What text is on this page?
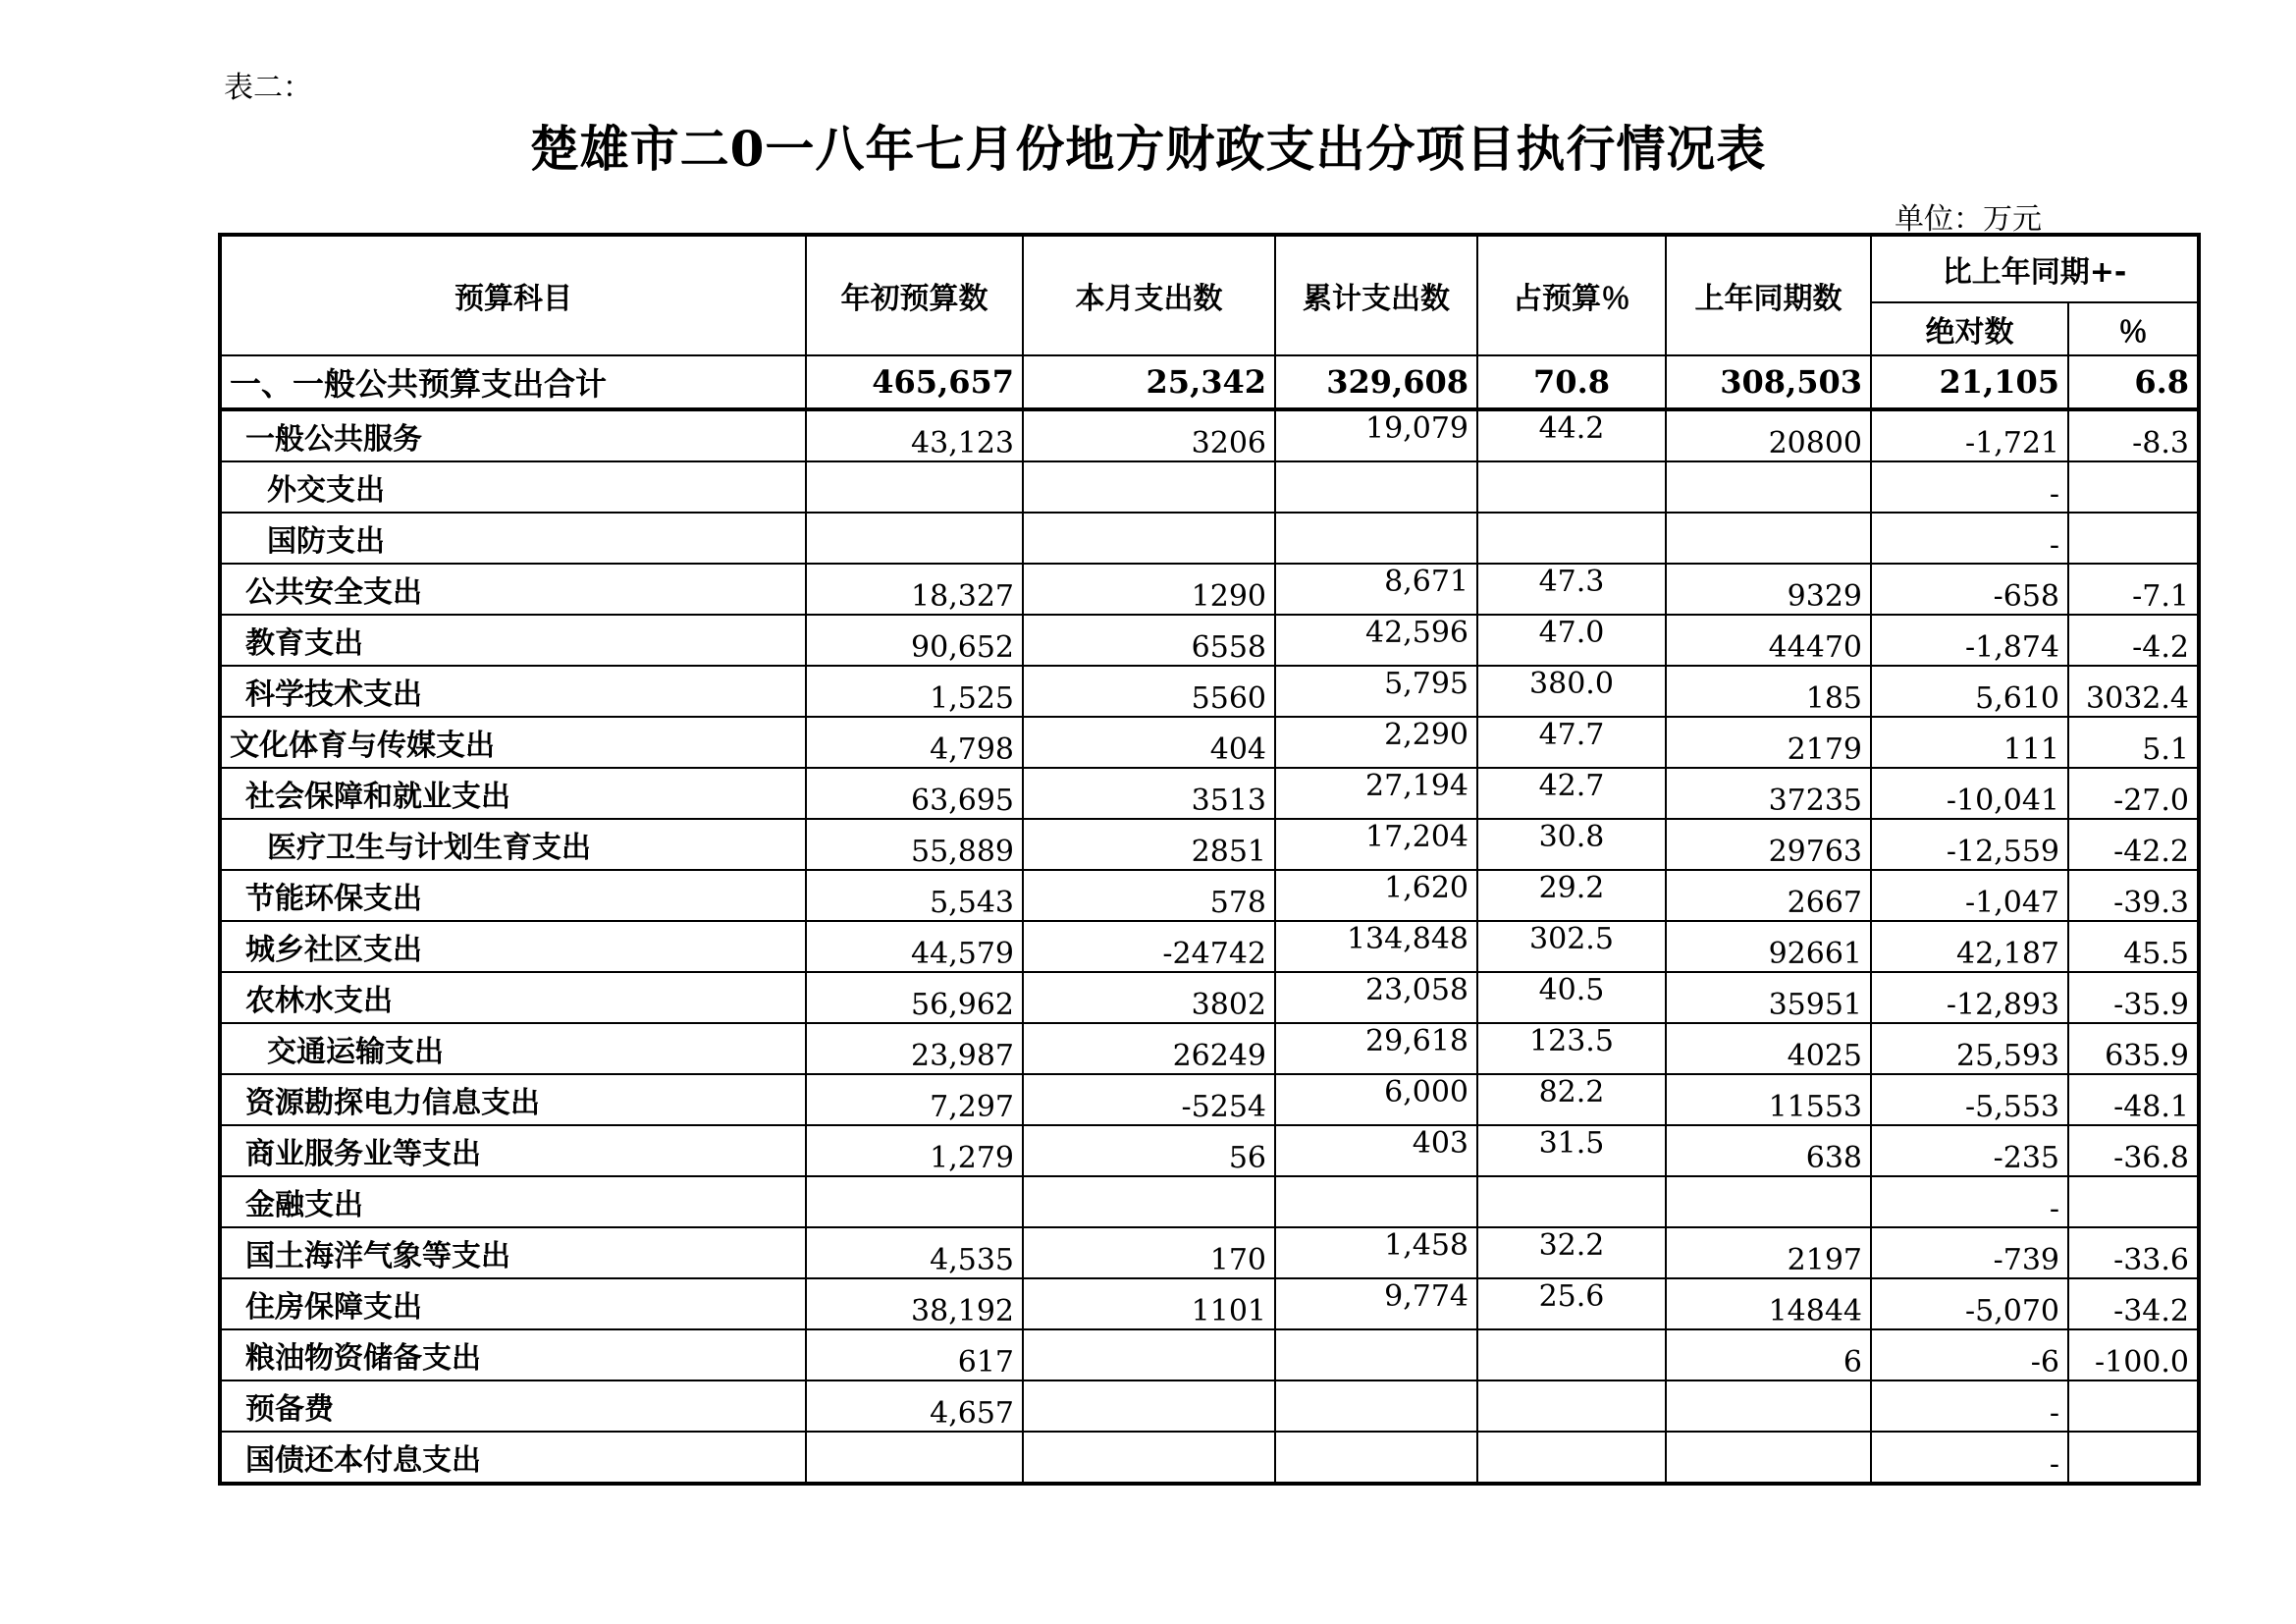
表二：
楚雄市二0一八年七月份地方财政支出分项目执行情况表
单位：万元
预算科目	年初预算数	本月支出数	累计支出数	占预算％	上年同期数	比上年同期+-	
						绝对数	％
一、一般公共预算支出合计	465,657	25,342	329,608	70.8	308,503	21,105	6.8
一般公共服务	43,123	3206	19,079	44.2	20800	-1,721	-8.3
外交支出						-	
国防支出						-	
公共安全支出	18,327	1290	8,671	47.3	9329	-658	-7.1
教育支出	90,652	6558	42,596	47.0	44470	-1,874	-4.2
科学技术支出	1,525	5560	5,795	380.0	185	5,610	3032.4
文化体育与传媒支出	4,798	404	2,290	47.7	2179	111	5.1
社会保障和就业支出	63,695	3513	27,194	42.7	37235	-10,041	-27.0
医疗卫生与计划生育支出	55,889	2851	17,204	30.8	29763	-12,559	-42.2
节能环保支出	5,543	578	1,620	29.2	2667	-1,047	-39.3
城乡社区支出	44,579	-24742	134,848	302.5	92661	42,187	45.5
农林水支出	56,962	3802	23,058	40.5	35951	-12,893	-35.9
交通运输支出	23,987	26249	29,618	123.5	4025	25,593	635.9
资源勘探电力信息支出	7,297	-5254	6,000	82.2	11553	-5,553	-48.1
商业服务业等支出	1,279	56	403	31.5	638	-235	-36.8
金融支出						-	
国土海洋气象等支出	4,535	170	1,458	32.2	2197	-739	-33.6
住房保障支出	38,192	1101	9,774	25.6	14844	-5,070	-34.2
粮油物资储备支出	617				6	-6	-100.0
预备费	4,657					-	
国债还本付息支出						-	
